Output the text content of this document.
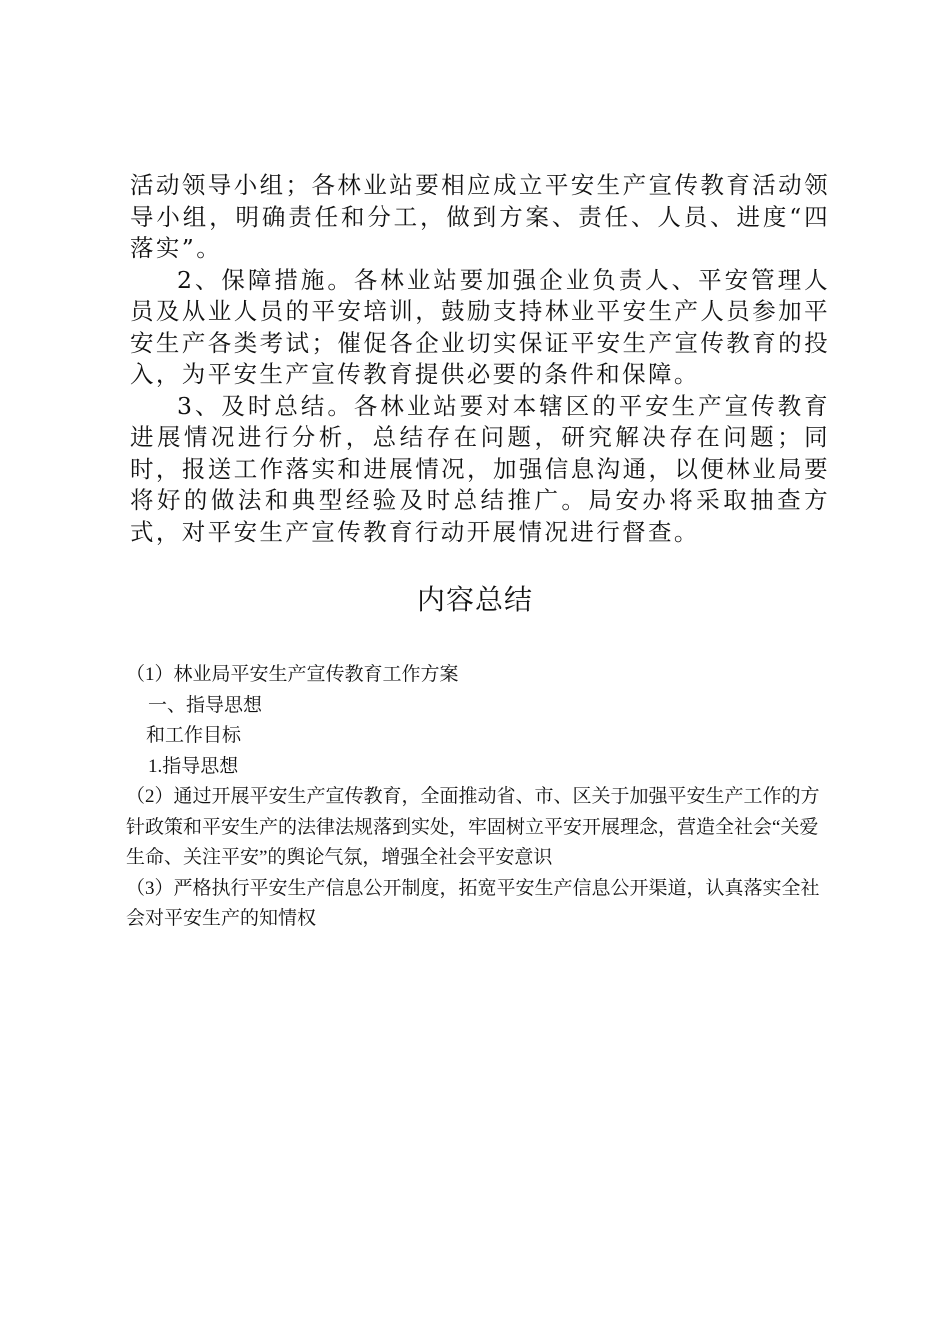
活动领导小组；各林业站要相应成立平安生产宣传教育活动领导小组，明确责任和分工，做到方案、责任、人员、进度“四落实”。

2、保障措施。各林业站要加强企业负责人、平安管理人员及从业人员的平安培训，鼓励支持林业平安生产人员参加平安生产各类考试；催促各企业切实保证平安生产宣传教育的投入，为平安生产宣传教育提供必要的条件和保障。

3、及时总结。各林业站要对本辖区的平安生产宣传教育进展情况进行分析，总结存在问题，研究解决存在问题；同时，报送工作落实和进展情况，加强信息沟通，以便林业局要将好的做法和典型经验及时总结推广。局安办将采取抽查方式，对平安生产宣传教育行动开展情况进行督查。

内容总结

（1）林业局平安生产宣传教育工作方案

一、指导思想

和工作目标

1.指导思想

（2）通过开展平安生产宣传教育，全面推动省、市、区关于加强平安生产工作的方针政策和平安生产的法律法规落到实处，牢固树立平安开展理念，营造全社会“关爱生命、关注平安”的舆论气氛，增强全社会平安意识

（3）严格执行平安生产信息公开制度，拓宽平安生产信息公开渠道，认真落实全社会对平安生产的知情权
